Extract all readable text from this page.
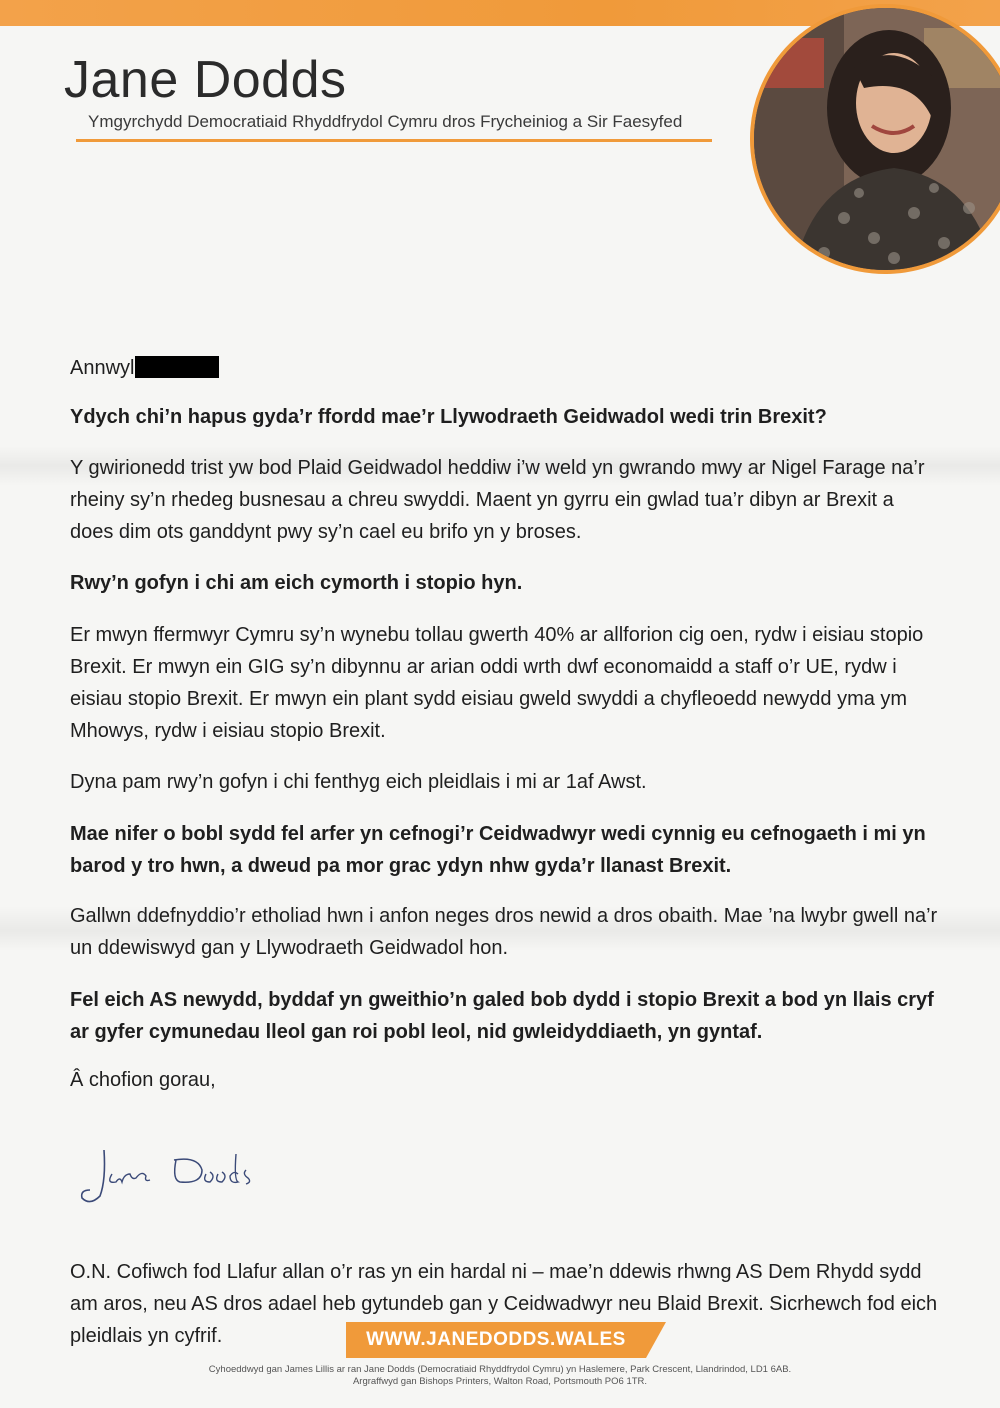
Jane Dodds
Ymgyrchydd Democratiaid Rhyddfrydol Cymru dros Frycheiniog a Sir Faesyfed
Annwyl
Ydych chi’n hapus gyda’r ffordd mae’r Llywodraeth Geidwadol wedi trin Brexit?
Y gwirionedd trist yw bod Plaid Geidwadol heddiw i’w weld yn gwrando mwy ar Nigel Farage na’r rheiny sy’n rhedeg busnesau a chreu swyddi. Maent yn gyrru ein gwlad tua’r dibyn ar Brexit a does dim ots ganddynt pwy sy’n cael eu brifo yn y broses.
Rwy’n gofyn i chi am eich cymorth i stopio hyn.
Er mwyn ffermwyr Cymru sy’n wynebu tollau gwerth 40% ar allforion cig oen, rydw i eisiau stopio Brexit. Er mwyn ein GIG sy’n dibynnu ar arian oddi wrth dwf economaidd a staff o’r UE, rydw i eisiau stopio Brexit. Er mwyn ein plant sydd eisiau gweld swyddi a chyfleoedd newydd yma ym Mhowys, rydw i eisiau stopio Brexit.
Dyna pam rwy’n gofyn i chi fenthyg eich pleidlais i mi ar 1af Awst.
Mae nifer o bobl sydd fel arfer yn cefnogi’r Ceidwadwyr wedi cynnig eu cefnogaeth i mi yn barod y tro hwn, a dweud pa mor grac ydyn nhw gyda’r llanast Brexit.
Gallwn ddefnyddio’r etholiad hwn i anfon neges dros newid a dros obaith. Mae ’na lwybr gwell na’r un ddewiswyd gan y Llywodraeth Geidwadol hon.
Fel eich AS newydd, byddaf yn gweithio’n galed bob dydd i stopio Brexit a bod yn llais cryf ar gyfer cymunedau lleol gan roi pobl leol, nid gwleidyddiaeth, yn gyntaf.
Â chofion gorau,
O.N. Cofiwch fod Llafur allan o’r ras yn ein hardal ni – mae’n ddewis rhwng AS Dem Rhydd sydd am aros, neu AS dros adael heb gytundeb gan y Ceidwadwyr neu Blaid Brexit. Sicrhewch fod eich pleidlais yn cyfrif.	WWW.JANEDODDS.WALES
Cyhoeddwyd gan James Lillis ar ran Jane Dodds (Democratiaid Rhyddfrydol Cymru) yn Haslemere, Park Crescent, Llandrindod, LD1 6AB.
Argraffwyd gan Bishops Printers, Walton Road, Portsmouth PO6 1TR.
